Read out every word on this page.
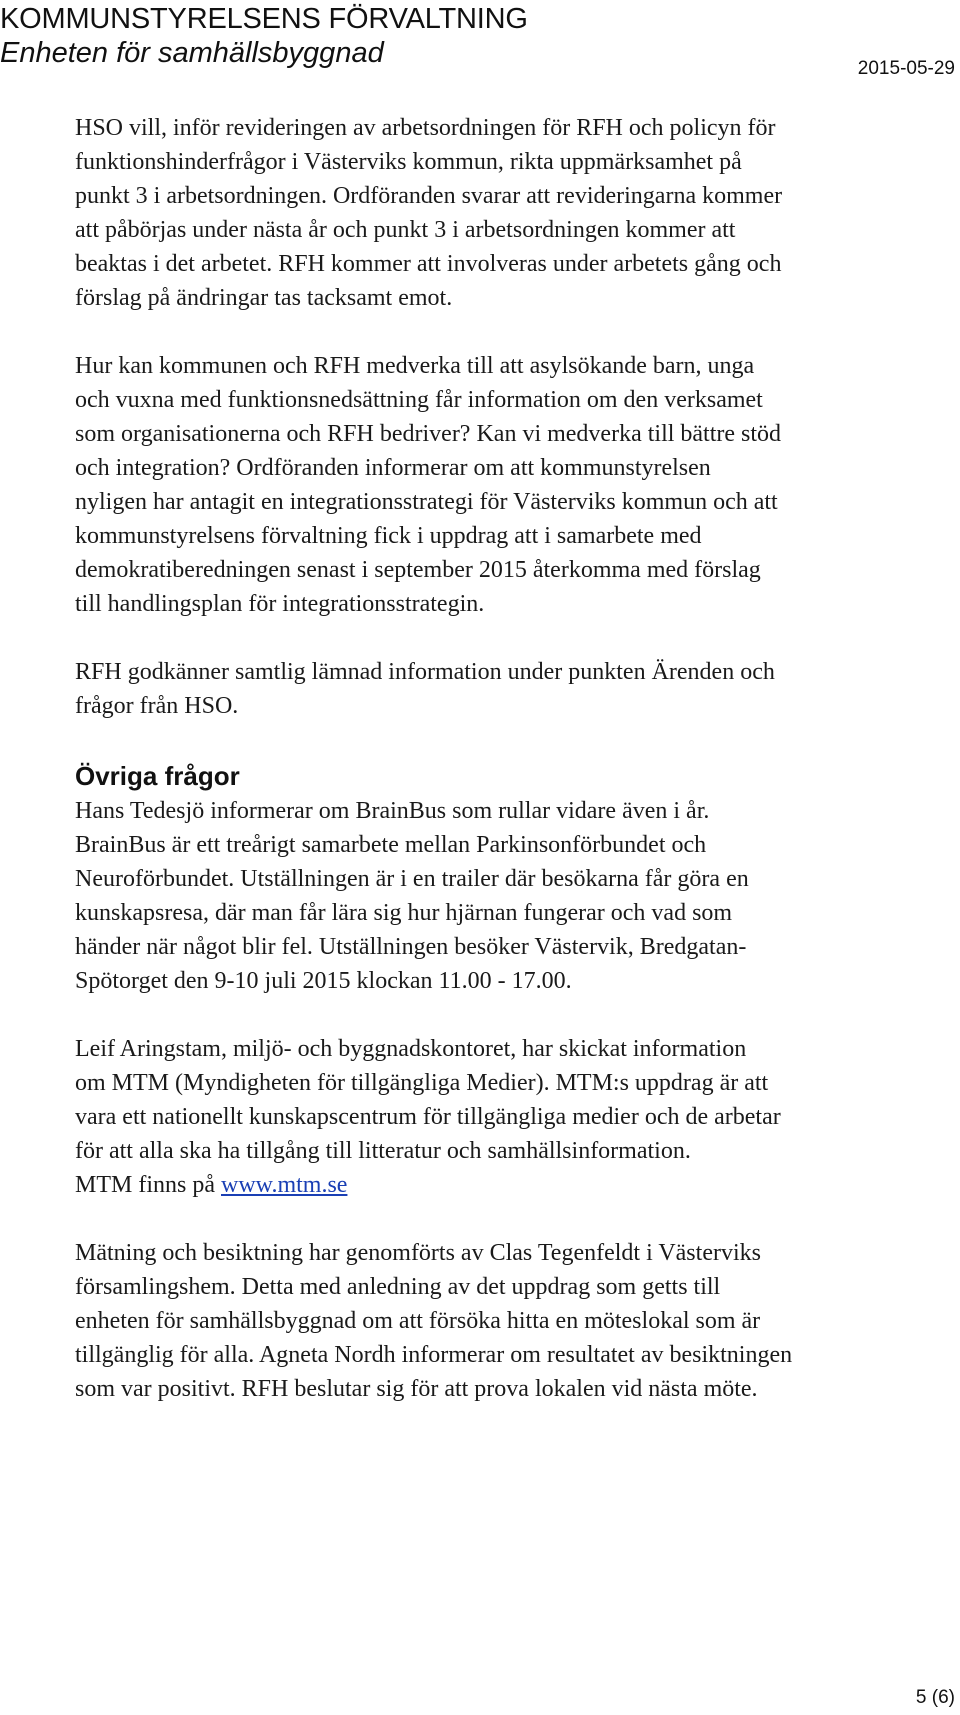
KOMMUNSTYRELSENS FÖRVALTNING
Enheten för samhällsbyggnad	2015-05-29

HSO vill, inför revideringen av arbetsordningen för RFH och policyn för
funktionshinderfrågor i Västerviks kommun, rikta uppmärksamhet på
punkt 3 i arbetsordningen. Ordföranden svarar att revideringarna kommer
att påbörjas under nästa år och punkt 3 i arbetsordningen kommer att
beaktas i det arbetet. RFH kommer att involveras under arbetets gång och
förslag på ändringar tas tacksamt emot.

Hur kan kommunen och RFH medverka till att asylsökande barn, unga
och vuxna med funktionsnedsättning får information om den verksamet
som organisationerna och RFH bedriver? Kan vi medverka till bättre stöd
och integration? Ordföranden informerar om att kommunstyrelsen
nyligen har antagit en integrationsstrategi för Västerviks kommun och att
kommunstyrelsens förvaltning fick i uppdrag att i samarbete med
demokratiberedningen senast i september 2015 återkomma med förslag
till handlingsplan för integrationsstrategin.

RFH godkänner samtlig lämnad information under punkten Ärenden och
frågor från HSO.

Övriga frågor

Hans Tedesjö informerar om BrainBus som rullar vidare även i år.
BrainBus är ett treårigt samarbete mellan Parkinsonförbundet och
Neuroförbundet. Utställningen är i en trailer där besökarna får göra en
kunskapsresa, där man får lära sig hur hjärnan fungerar och vad som
händer när något blir fel. Utställningen besöker Västervik, Bredgatan-
Spötorget den 9-10 juli 2015 klockan 11.00 - 17.00.

Leif Aringstam, miljö- och byggnadskontoret, har skickat information
om MTM (Myndigheten för tillgängliga Medier). MTM:s uppdrag är att
vara ett nationellt kunskapscentrum för tillgängliga medier och de arbetar
för att alla ska ha tillgång till litteratur och samhällsinformation.

MTM finns på www.mtm.se

Mätning och besiktning har genomförts av Clas Tegenfeldt i Västerviks
församlingshem. Detta med anledning av det uppdrag som getts till
enheten för samhällsbyggnad om att försöka hitta en möteslokal som är
tillgänglig för alla. Agneta Nordh informerar om resultatet av besiktningen
som var positivt. RFH beslutar sig för att prova lokalen vid nästa möte.

5 (6)
